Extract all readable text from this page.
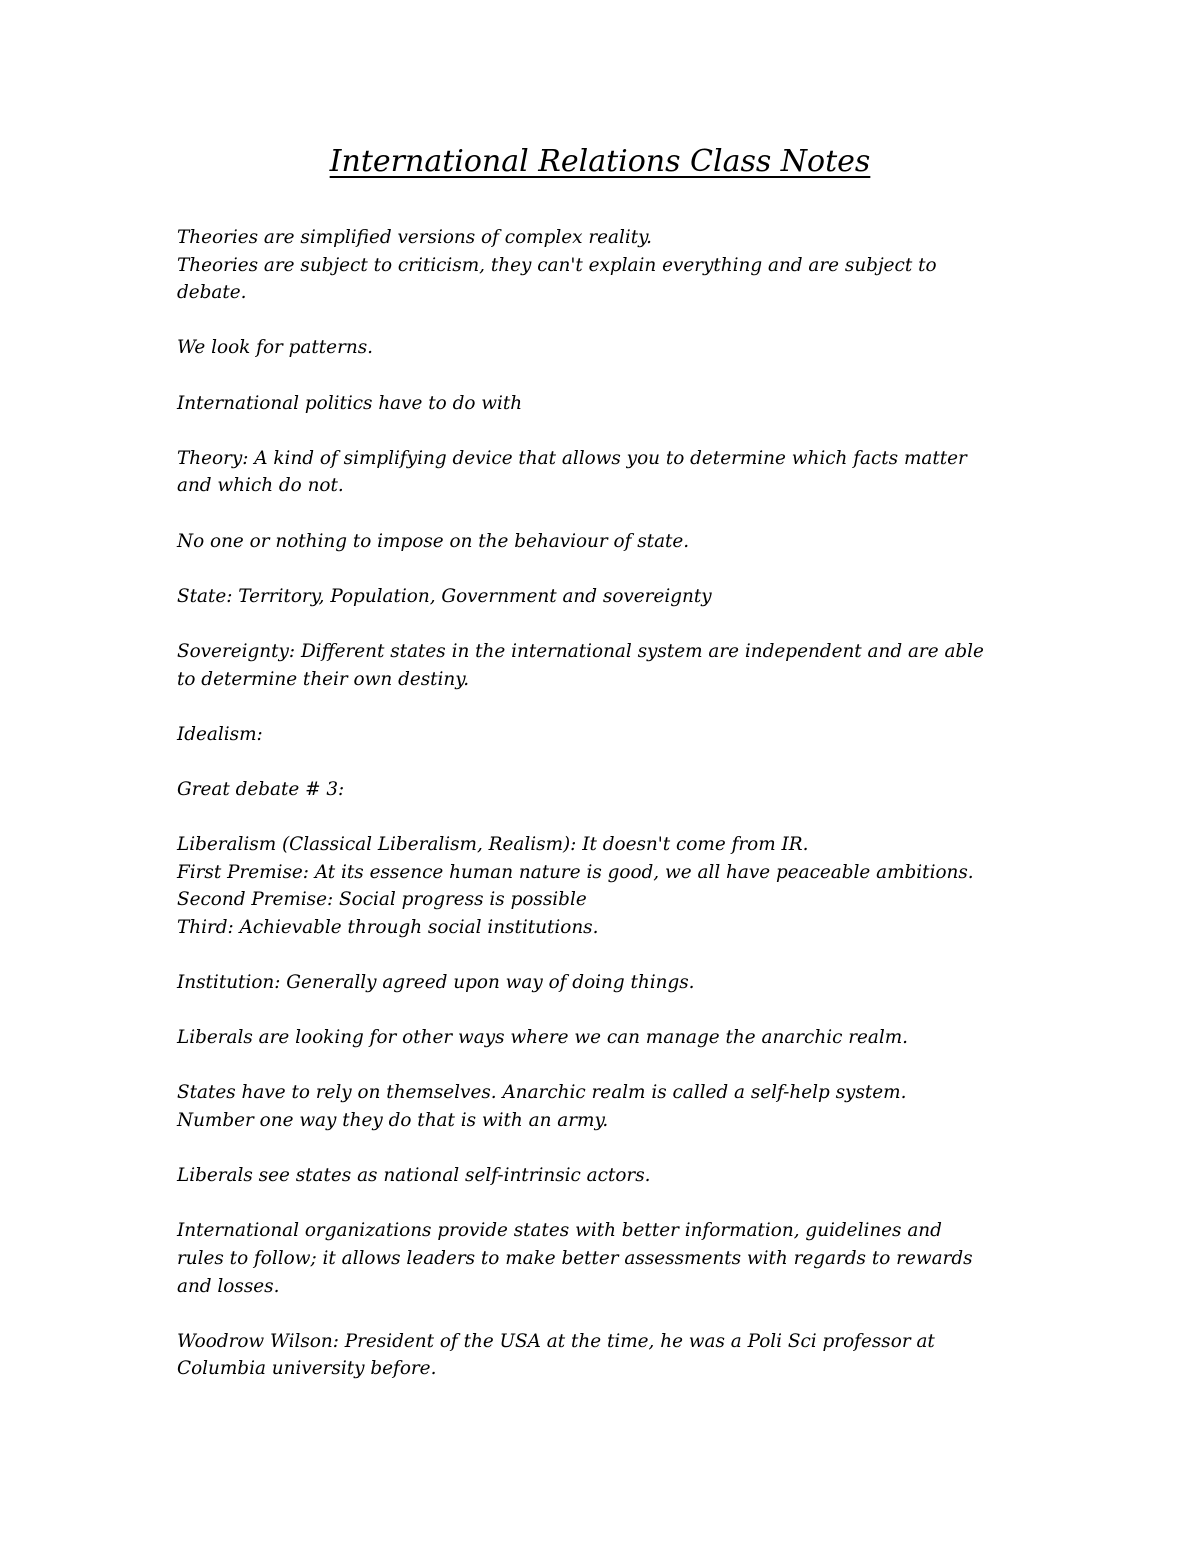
International Relations Class Notes

Theories are simplified versions of complex reality.
Theories are subject to criticism, they can't explain everything and are subject to
debate.

We look for patterns.

International politics have to do with

Theory: A kind of simplifying device that allows you to determine which facts matter
and which do not.

No one or nothing to impose on the behaviour of state.

State: Territory, Population, Government and sovereignty

Sovereignty: Different states in the international system are independent and are able
to determine their own destiny.

Idealism:

Great debate # 3:

Liberalism (Classical Liberalism, Realism): It doesn't come from IR.
First Premise: At its essence human nature is good, we all have peaceable ambitions.
Second Premise: Social progress is possible
Third: Achievable through social institutions.

Institution: Generally agreed upon way of doing things.

Liberals are looking for other ways where we can manage the anarchic realm.

States have to rely on themselves. Anarchic realm is called a self-help system.
Number one way they do that is with an army.

Liberals see states as national self-intrinsic actors.

International organizations provide states with better information, guidelines and
rules to follow; it allows leaders to make better assessments with regards to rewards
and losses.

Woodrow Wilson: President of the USA at the time, he was a Poli Sci professor at
Columbia university before.
